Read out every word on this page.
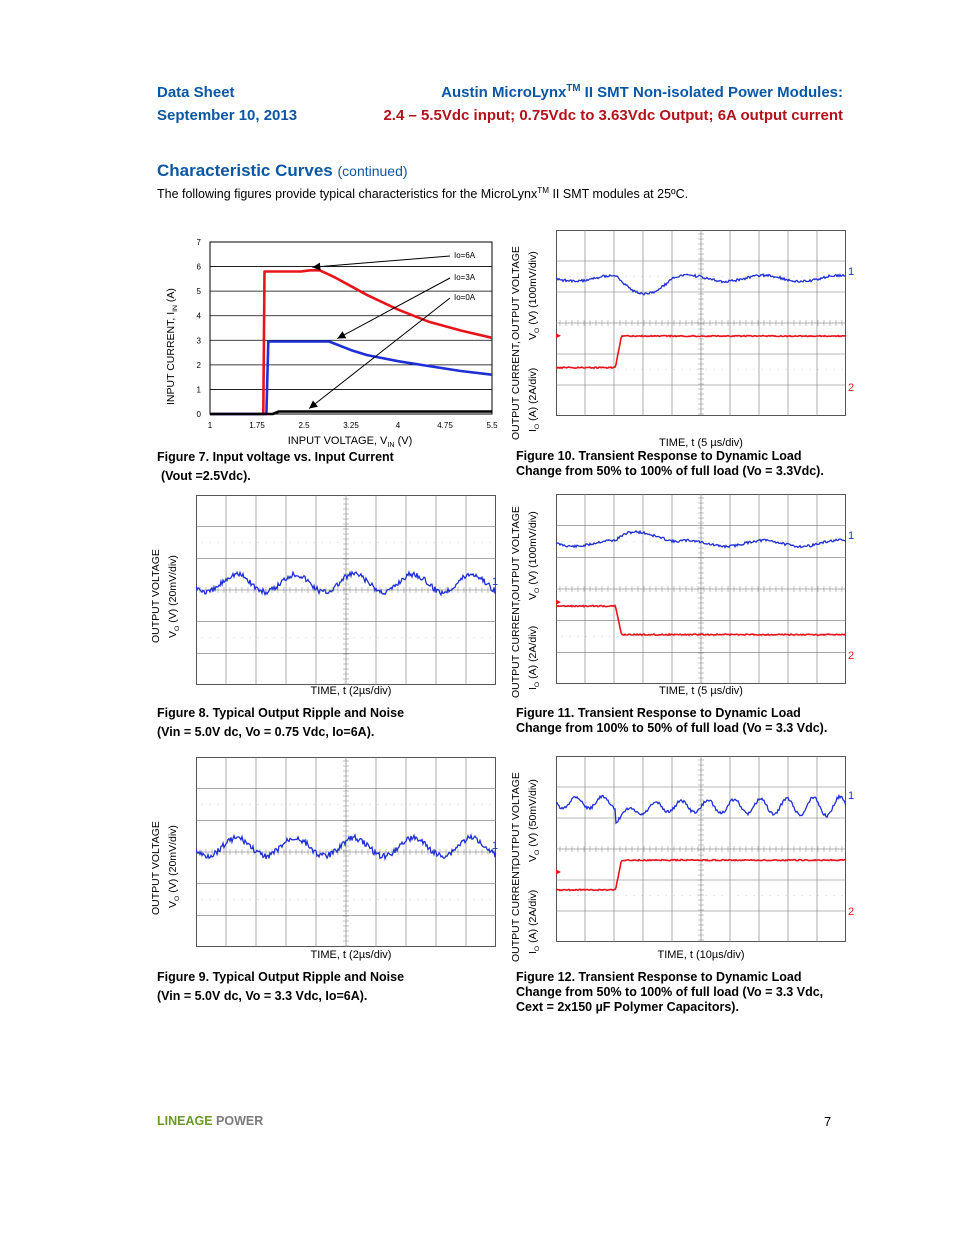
Data Sheet
September 10, 2013
Austin MicroLynx™ II SMT Non-isolated Power Modules:
2.4 – 5.5Vdc input; 0.75Vdc to 3.63Vdc Output; 6A output current
Characteristic Curves (continued)
The following figures provide typical characteristics for the MicroLynx™ II SMT modules at 25ºC.
0
1
2
3
4
5
6
7
1	1.75	2.5	3.25	4	4.75	5.5
Io=6A
Io=3A
Io=0A
INPUT CURRENT, $I_{IN}$ (A)
INPUT VOLTAGE, $V_{IN}$ (V)
Figure 7. Input voltage vs. Input Current
(Vout =2.5Vdc).
1
OUTPUT VOLTAGE $V_O$ (V) (20mV/div)
TIME, t (2µs/div)
Figure 8. Typical Output Ripple and Noise
(Vin = 5.0V dc, Vo = 0.75 Vdc, Io=6A).
1
OUTPUT VOLTAGE $V_O$ (V) (20mV/div)
TIME, t (2µs/div)
Figure 9. Typical Output Ripple and Noise
(Vin = 5.0V dc, Vo = 3.3 Vdc, Io=6A).
1
2
OUTPUT VOLTAGE $V_O$ (V) (100mV/div)
OUTPUT CURRENT, $I_O$ (A) (2A/div)
TIME, t (5 µs/div)
Figure 10. Transient Response to Dynamic Load
Change from 50% to 100% of full load (Vo = 3.3Vdc).
1
2
OUTPUT VOLTAGE $V_O$ (V) (100mV/div)
OUTPUT CURRENT, $I_O$ (A) (2A/div)
TIME, t (5 µs/div)
Figure 11. Transient Response to Dynamic Load
Change from 100% to 50% of full load (Vo = 3.3 Vdc).
1
2
OUTPUT VOLTAGE $V_O$ (V) (50mV/div)
OUTPUT CURRENT, $I_O$ (A) (2A/div)
TIME, t (10µs/div)
Figure 12. Transient Response to Dynamic Load
Change from 50% to 100% of full load (Vo = 3.3 Vdc,
Cext = 2x150 µF Polymer Capacitors).
LINEAGE POWER	7
